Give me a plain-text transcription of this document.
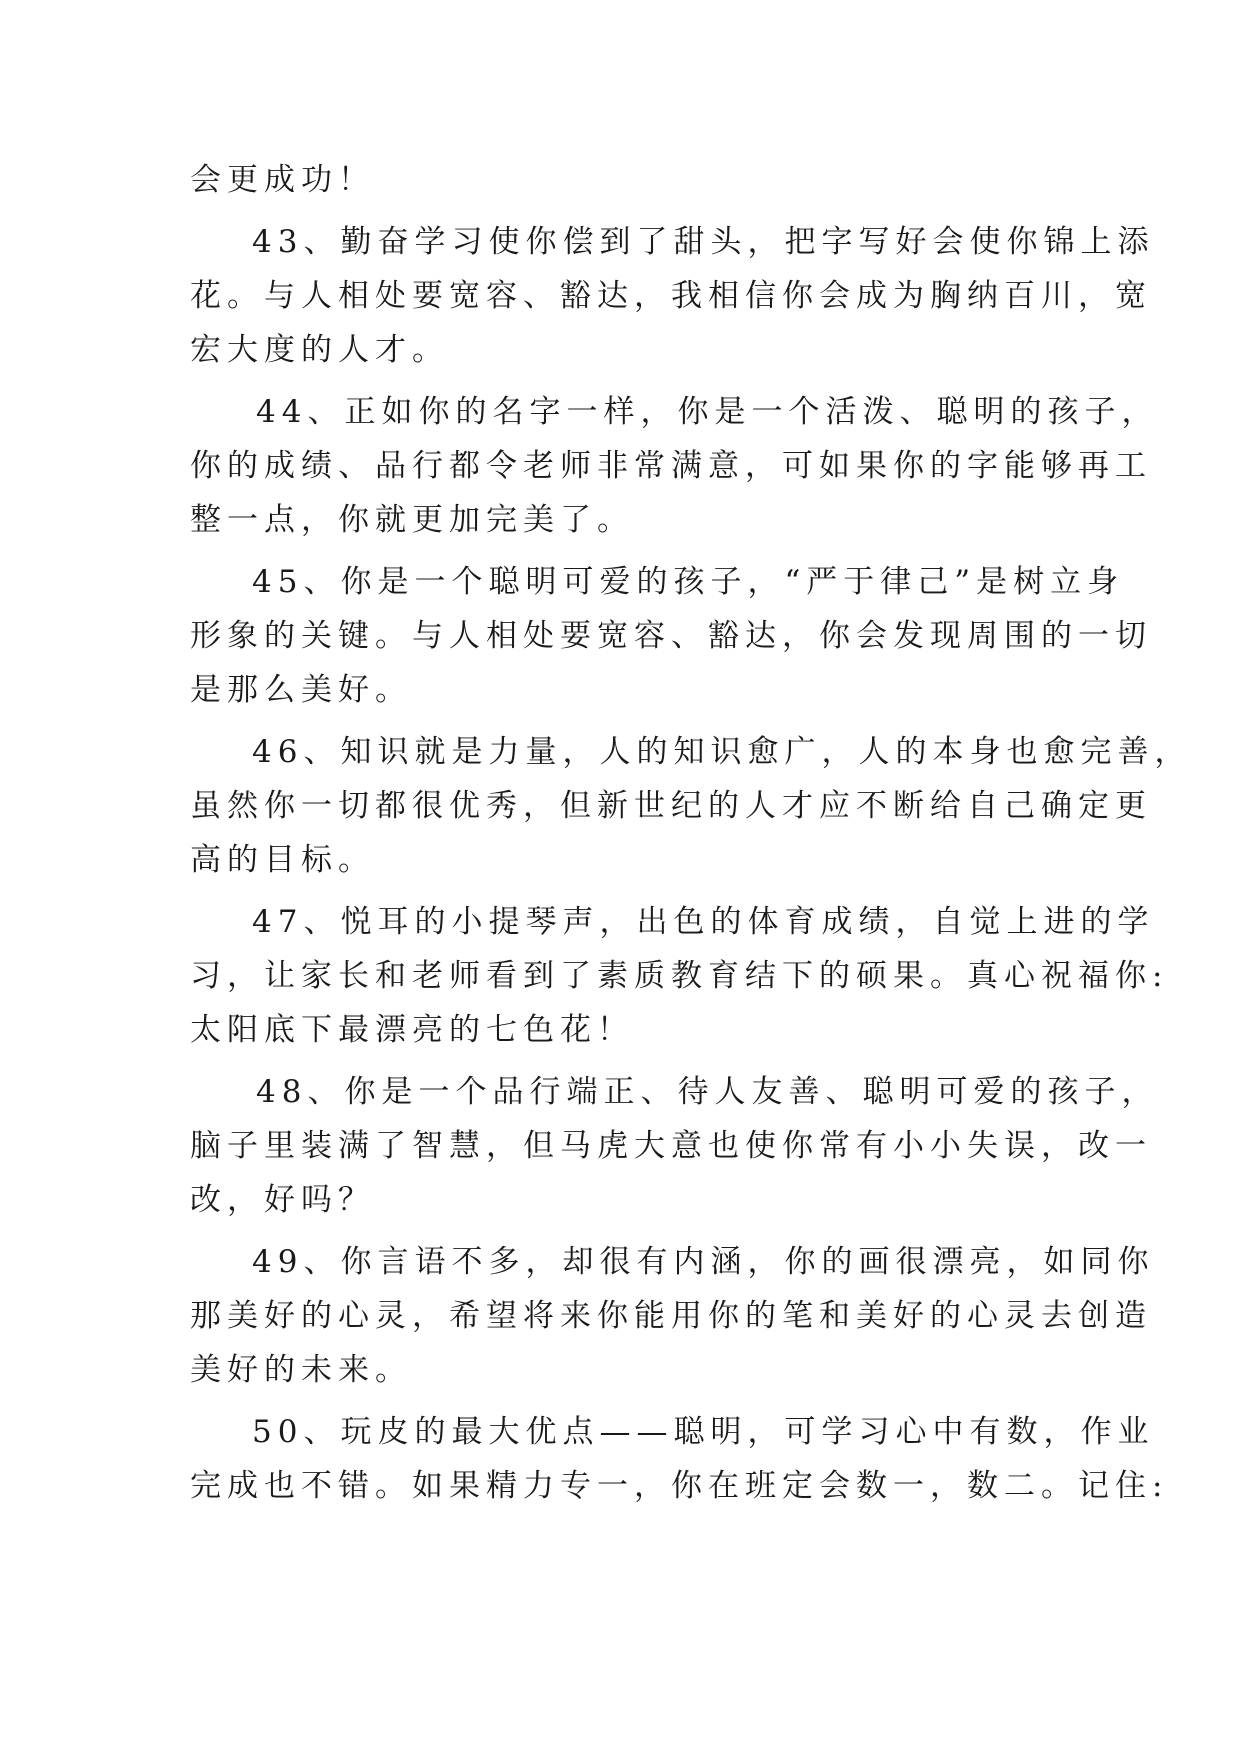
会更成功！
43、勤奋学习使你偿到了甜头，把字写好会使你锦上添
花。与人相处要宽容、豁达，我相信你会成为胸纳百川，宽
宏大度的人才。
44、正如你的名字一样，你是一个活泼、聪明的孩子，
你的成绩、品行都令老师非常满意，可如果你的字能够再工
整一点，你就更加完美了。
45、你是一个聪明可爱的孩子，“严于律己”是树立身
形象的关键。与人相处要宽容、豁达，你会发现周围的一切
是那么美好。
46、知识就是力量，人的知识愈广，人的本身也愈完善，
虽然你一切都很优秀，但新世纪的人才应不断给自己确定更
高的目标。
47、悦耳的小提琴声，出色的体育成绩，自觉上进的学
习，让家长和老师看到了素质教育结下的硕果。真心祝福你:
太阳底下最漂亮的七色花！
48、你是一个品行端正、待人友善、聪明可爱的孩子，
脑子里装满了智慧，但马虎大意也使你常有小小失误，改一
改，好吗？
49、你言语不多，却很有内涵，你的画很漂亮，如同你
那美好的心灵，希望将来你能用你的笔和美好的心灵去创造
美好的未来。
50、玩皮的最大优点——聪明，可学习心中有数，作业
完成也不错。如果精力专一，你在班定会数一，数二。记住:
